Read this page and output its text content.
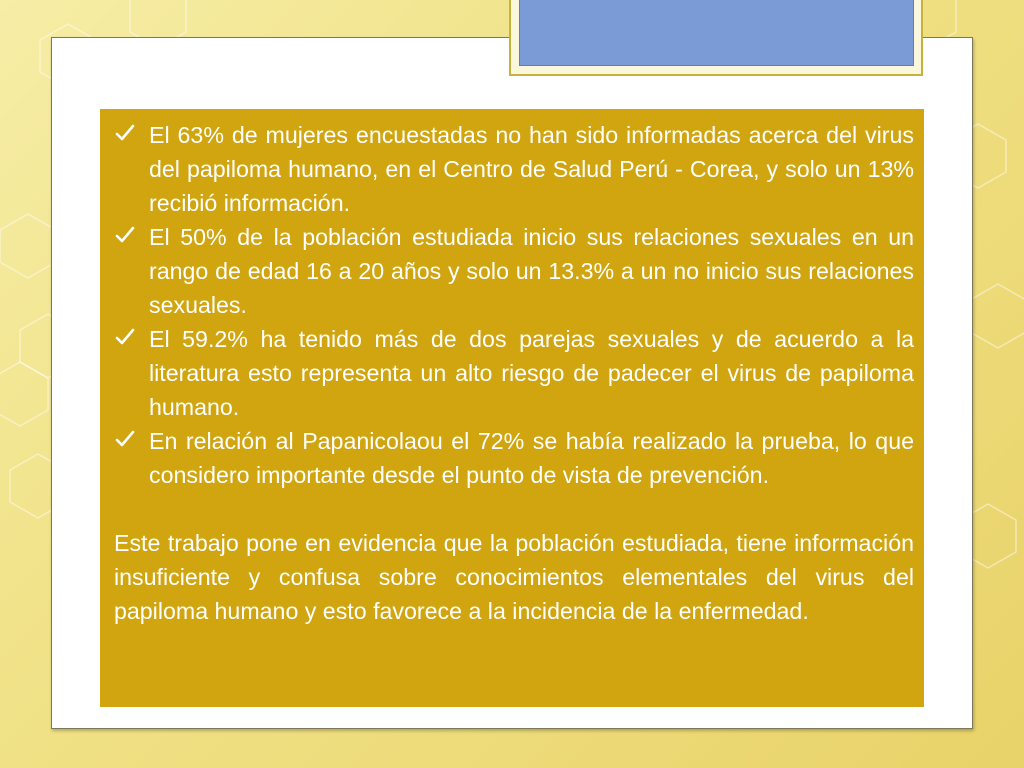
El 63% de mujeres encuestadas no han sido informadas acerca del virus del papiloma humano, en el Centro de Salud Perú - Corea, y solo un 13% recibió información.
El 50% de la población estudiada inicio sus relaciones sexuales en un rango de edad 16 a 20 años y solo un 13.3% a un no inicio sus relaciones sexuales.
El 59.2% ha tenido más de dos parejas sexuales y de acuerdo a la literatura esto representa un alto riesgo de padecer el virus de papiloma humano.
En relación al Papanicolaou el 72% se había realizado la prueba, lo que considero importante desde el punto de vista de prevención.

Este trabajo pone en evidencia que la población estudiada, tiene información insuficiente y confusa sobre conocimientos elementales del virus del papiloma humano y esto favorece a la incidencia de la enfermedad.
